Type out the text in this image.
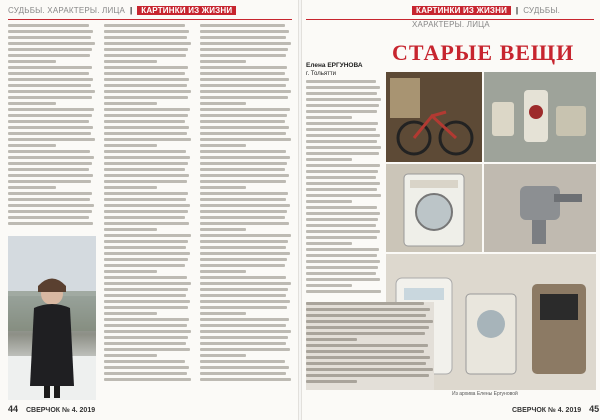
СУДЬБЫ. ХАРАКТЕРЫ. ЛИЦА  |  КАРТИНКИ ИЗ ЖИЗНИ
44 СВЕРЧОК № 4. 2019
КАРТИНКИ ИЗ ЖИЗНИ  |  СУДЬБЫ. ХАРАКТЕРЫ. ЛИЦА
СТАРЫЕ ВЕЩИ
Елена ЕРГУНОВА
г. Тольятти
Из архива Елены Ергуновой
СВЕРЧОК № 4. 2019 45
